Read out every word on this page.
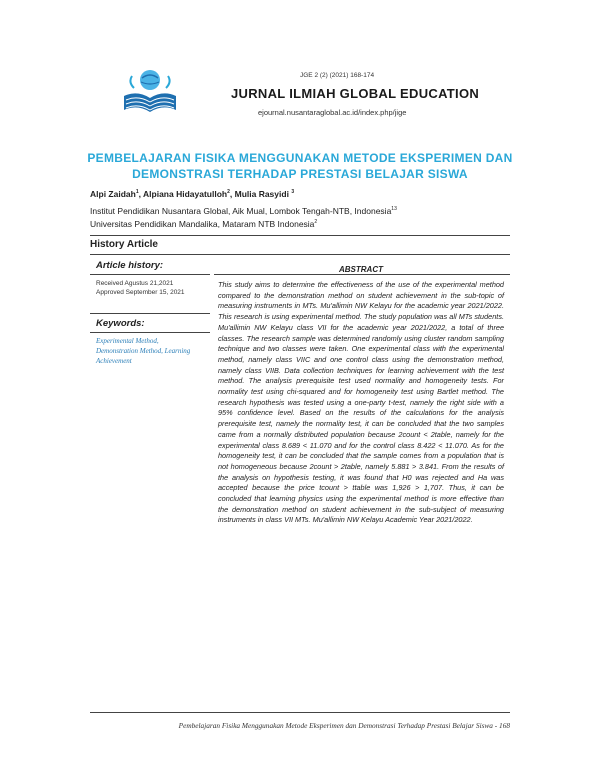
JGE 2 (2) (2021) 168-174
JURNAL ILMIAH GLOBAL EDUCATION
ejournal.nusantaraglobal.ac.id/index.php/jige
PEMBELAJARAN FISIKA MENGGUNAKAN METODE EKSPERIMEN DAN DEMONSTRASI TERHADAP PRESTASI BELAJAR SISWA
Alpi Zaidah$^1$, Alpiana Hidayatulloh$^2$, Mulia Rasyidi $^3$
Institut Pendidikan Nusantara Global, Aik Mual, Lombok Tengah-NTB, Indonesia$^{13}$
Universitas Pendidikan Mandalika, Mataram NTB Indonesia$^2$
History Article
Article history:
Received Agustus 21,2021
Approved September 15, 2021
Keywords:
Experimental Method, Demonstration Method, Learning Achievement
ABSTRACT
This study aims to determine the effectiveness of the use of the experimental method compared to the demonstration method on student achievement in the sub-topic of measuring instruments in MTs. Mu'allimin NW Kelayu for the academic year 2021/2022. This research is using experimental method. The study population was all MTs students. Mu'allimin NW Kelayu class VII for the academic year 2021/2022, a total of three classes. The research sample was determined randomly using cluster random sampling technique and two classes were taken. One experimental class with the experimental method, namely class VIIC and one control class using the demonstration method, namely class VIIB. Data collection techniques for learning achievement with the test method. The analysis prerequisite test used normality and homogeneity tests. For normality test using chi-squared and for homogeneity test using Bartlet method. The research hypothesis was tested using a one-party t-test, namely the right side with a 95% confidence level. Based on the results of the calculations for the analysis prerequisite test, namely the normality test, it can be concluded that the two samples came from a normally distributed population because 2count < 2table, namely for the experimental class 8.689 < 11.070 and for the control class 8.422 < 11.070. As for the homogeneity test, it can be concluded that the sample comes from a population that is not homogeneous because 2count > 2table, namely 5.881 > 3.841. From the results of the analysis on hypothesis testing, it was found that H0 was rejected and Ha was accepted because the price tcount > ttable was 1,926 > 1,707. Thus, it can be concluded that learning physics using the experimental method is more effective than the demonstration method on student achievement in the sub-subject of measuring instruments in class VII MTs. Mu'allimin NW Kelayu Academic Year 2021/2022.
Pembelajaran Fisika Menggunakan Metode Eksperimen dan Demonstrasi Terhadap Prestasi Belajar Siswa - 168
